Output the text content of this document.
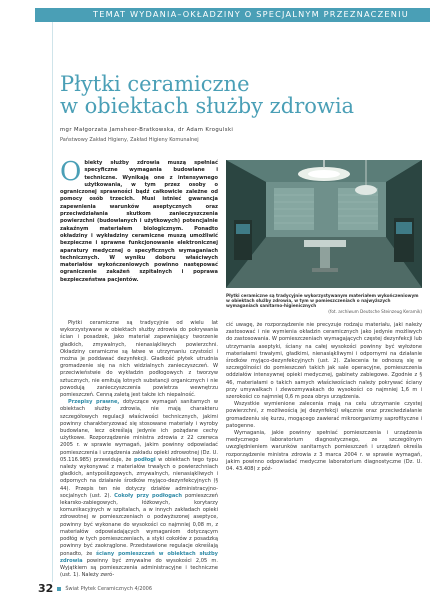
TEMAT WYDANIA–OKŁADZINY O SPECJALNYM PRZEZNACZENIU
Płytki ceramiczne
w obiektach służby zdrowia
mgr Małgorzata Jamsheer-Bratkowska, dr Adam Krogulski
Państwowy Zakład Higieny, Zakład Higieny Komunalnej
Obiekty służby zdrowia muszą spełniać specyficzne wymagania budowlane i techniczne. Wynikają one z intensywnego użytkowania, w tym przez osoby o ograniczonej sprawności bądź całkowicie zależne od pomocy osób trzecich. Musi istnieć gwarancja zapewnienia warunków aseptycznych oraz przeciwdziałania skutkom zanieczyszczenia powierzchni (budowlanych i użytkowych) potencjalnie zakaźnym materiałem biologicznym. Ponadto okładziny i wykładziny ceramiczne muszą umożliwić bezpieczne i sprawne funkcjonowanie elektronicznej aparatury medycznej o specyficznych wymaganiach technicznych. W wyniku doboru właściwych materiałów wykończeniowych powinno następować ograniczenie zakażeń szpitalnych i poprawa bezpieczeństwa pacjentów.
Płytki ceramiczne są tradycyjnie wykorzystywanym materiałem wykończeniowym w obiektach służby zdrowia, w tym w pomieszczeniach o najwyższych wymaganiach sanitarno-higienicznych
(fot. archiwum Deutsche Steinzeug Keramik)

Płytki ceramiczne są tradycyjnie od wielu lat wykorzystywane w obiektach służby zdrowia do pokrywania ścian i posadzek, jako materiał zapewniający tworzenie gładkich, zmywalnych, nienasiąkliwych powierzchni. Okładziny ceramiczne są łatwe w utrzymaniu czystości i można je poddawać dezynfekcji. Gładkość płytek utrudnia gromadzenie się na nich widzialnych zanieczyszczeń. W przeciwieństwie do wykładzin podłogowych z tworzyw sztucznych, nie emitują lotnych substancji organicznych i nie powodują zanieczyszczenia powietrza wewnętrzu pomieszczeń. Cenną zaletą jest także ich niepalność.

Przepisy prawne, dotyczące wymagań sanitarnych w obiektach służby zdrowia, nie mają charakteru szczegółowych regulacji właściwości technicznych, jakimi powinny charakteryzować się stosowane materiały i wyroby budowlane, lecz określają jedynie ich pożądane cechy użytkowe. Rozporządzenie ministra zdrowia z 22 czerwca 2005 r. w sprawie wymagań, jakim powinny odpowiadać pomieszczenia i urządzenia zakładu opieki zdrowotnej (Dz. U. 05.116.985) przewiduje, że podłogi w obiektach tego typu należy wykonywać z materiałów trwałych o powierzchniach gładkich, antypoślizgowych, zmywalnych, nienasiąkliwych i odpornych na działanie środków myjąco-dezynfekcyjnych (§ 44). Przepis ten nie dotyczy działów administracyjno-socjalnych (ust. 2). Cokoły przy podłogach pomieszczeń lekarsko-zabiegowych, łóżkowych, korytarzy komunikacyjnych w szpitalach, a w innych zakładach opieki zdrowotnej w pomieszczeniach o podwyższonej aseptyce, powinny być wykonane do wysokości co najmniej 0,08 m, z materiałów odpowiadających wymaganiom dotyczącym podłóg w tych pomieszczeniach, a styki cokołów z posadzką powinny być zaokrąglone. Przedstawione regulacje określają ponadto, że ściany pomieszczeń w obiektach służby zdrowia powinny być zmywalne do wysokości 2,05 m. Wyjątkiem są pomieszczenia administracyjne i techniczne (ust. 1). Należy zwró-

cić uwagę, że rozporządzenie nie precyzuje rodzaju materiału, jaki należy zastosować i nie wymienia okładzin ceramicznych jako jedynie możliwych do zastosowania. W pomieszczeniach wymagających częstej dezynfekcji lub utrzymania aseptyki, ściany na całej wysokości powinny być wyłożone materiałami trwałymi, gładkimi, nienasiąkliwymi i odpornymi na działanie środków myjąco-dezynfekcyjnych (ust. 2). Zalecenia te odnoszą się w szczególności do pomieszczeń takich jak sale operacyjne, pomieszczenia oddziałów intensywnej opieki medycznej, gabinety zabiegowe. Zgodnie z § 46, materiałami o takich samych właściwościach należy pokrywać ściany przy umywalkach i zlewozmywakach do wysokości co najmniej 1,6 m i szerokości co najmniej 0,6 m poza obrys urządzenia.

Wszystkie wymienione zalecenia mają na celu utrzymanie czystej powierzchni, z możliwością jej dezynfekcji włącznie oraz przeciwdziałanie gromadzeniu się kurzu, mogącego zawierać mikroorganizmy saprofityczne i patogenne.

Wymagania, jakie powinny spełniać pomieszczenia i urządzenia medycznego laboratorium diagnostycznego, ze szczególnym uwzględnieniem warunków sanitarnych pomieszczeń i urządzeń określa rozporządzenie ministra zdrowia z 3 marca 2004 r. w sprawie wymagań, jakim powinno odpowiadać medyczne laboratorium diagnostyczne (Dz. U. 04. 43.408) z póź-

32 Świat Płytek Ceramicznych 4/2006
